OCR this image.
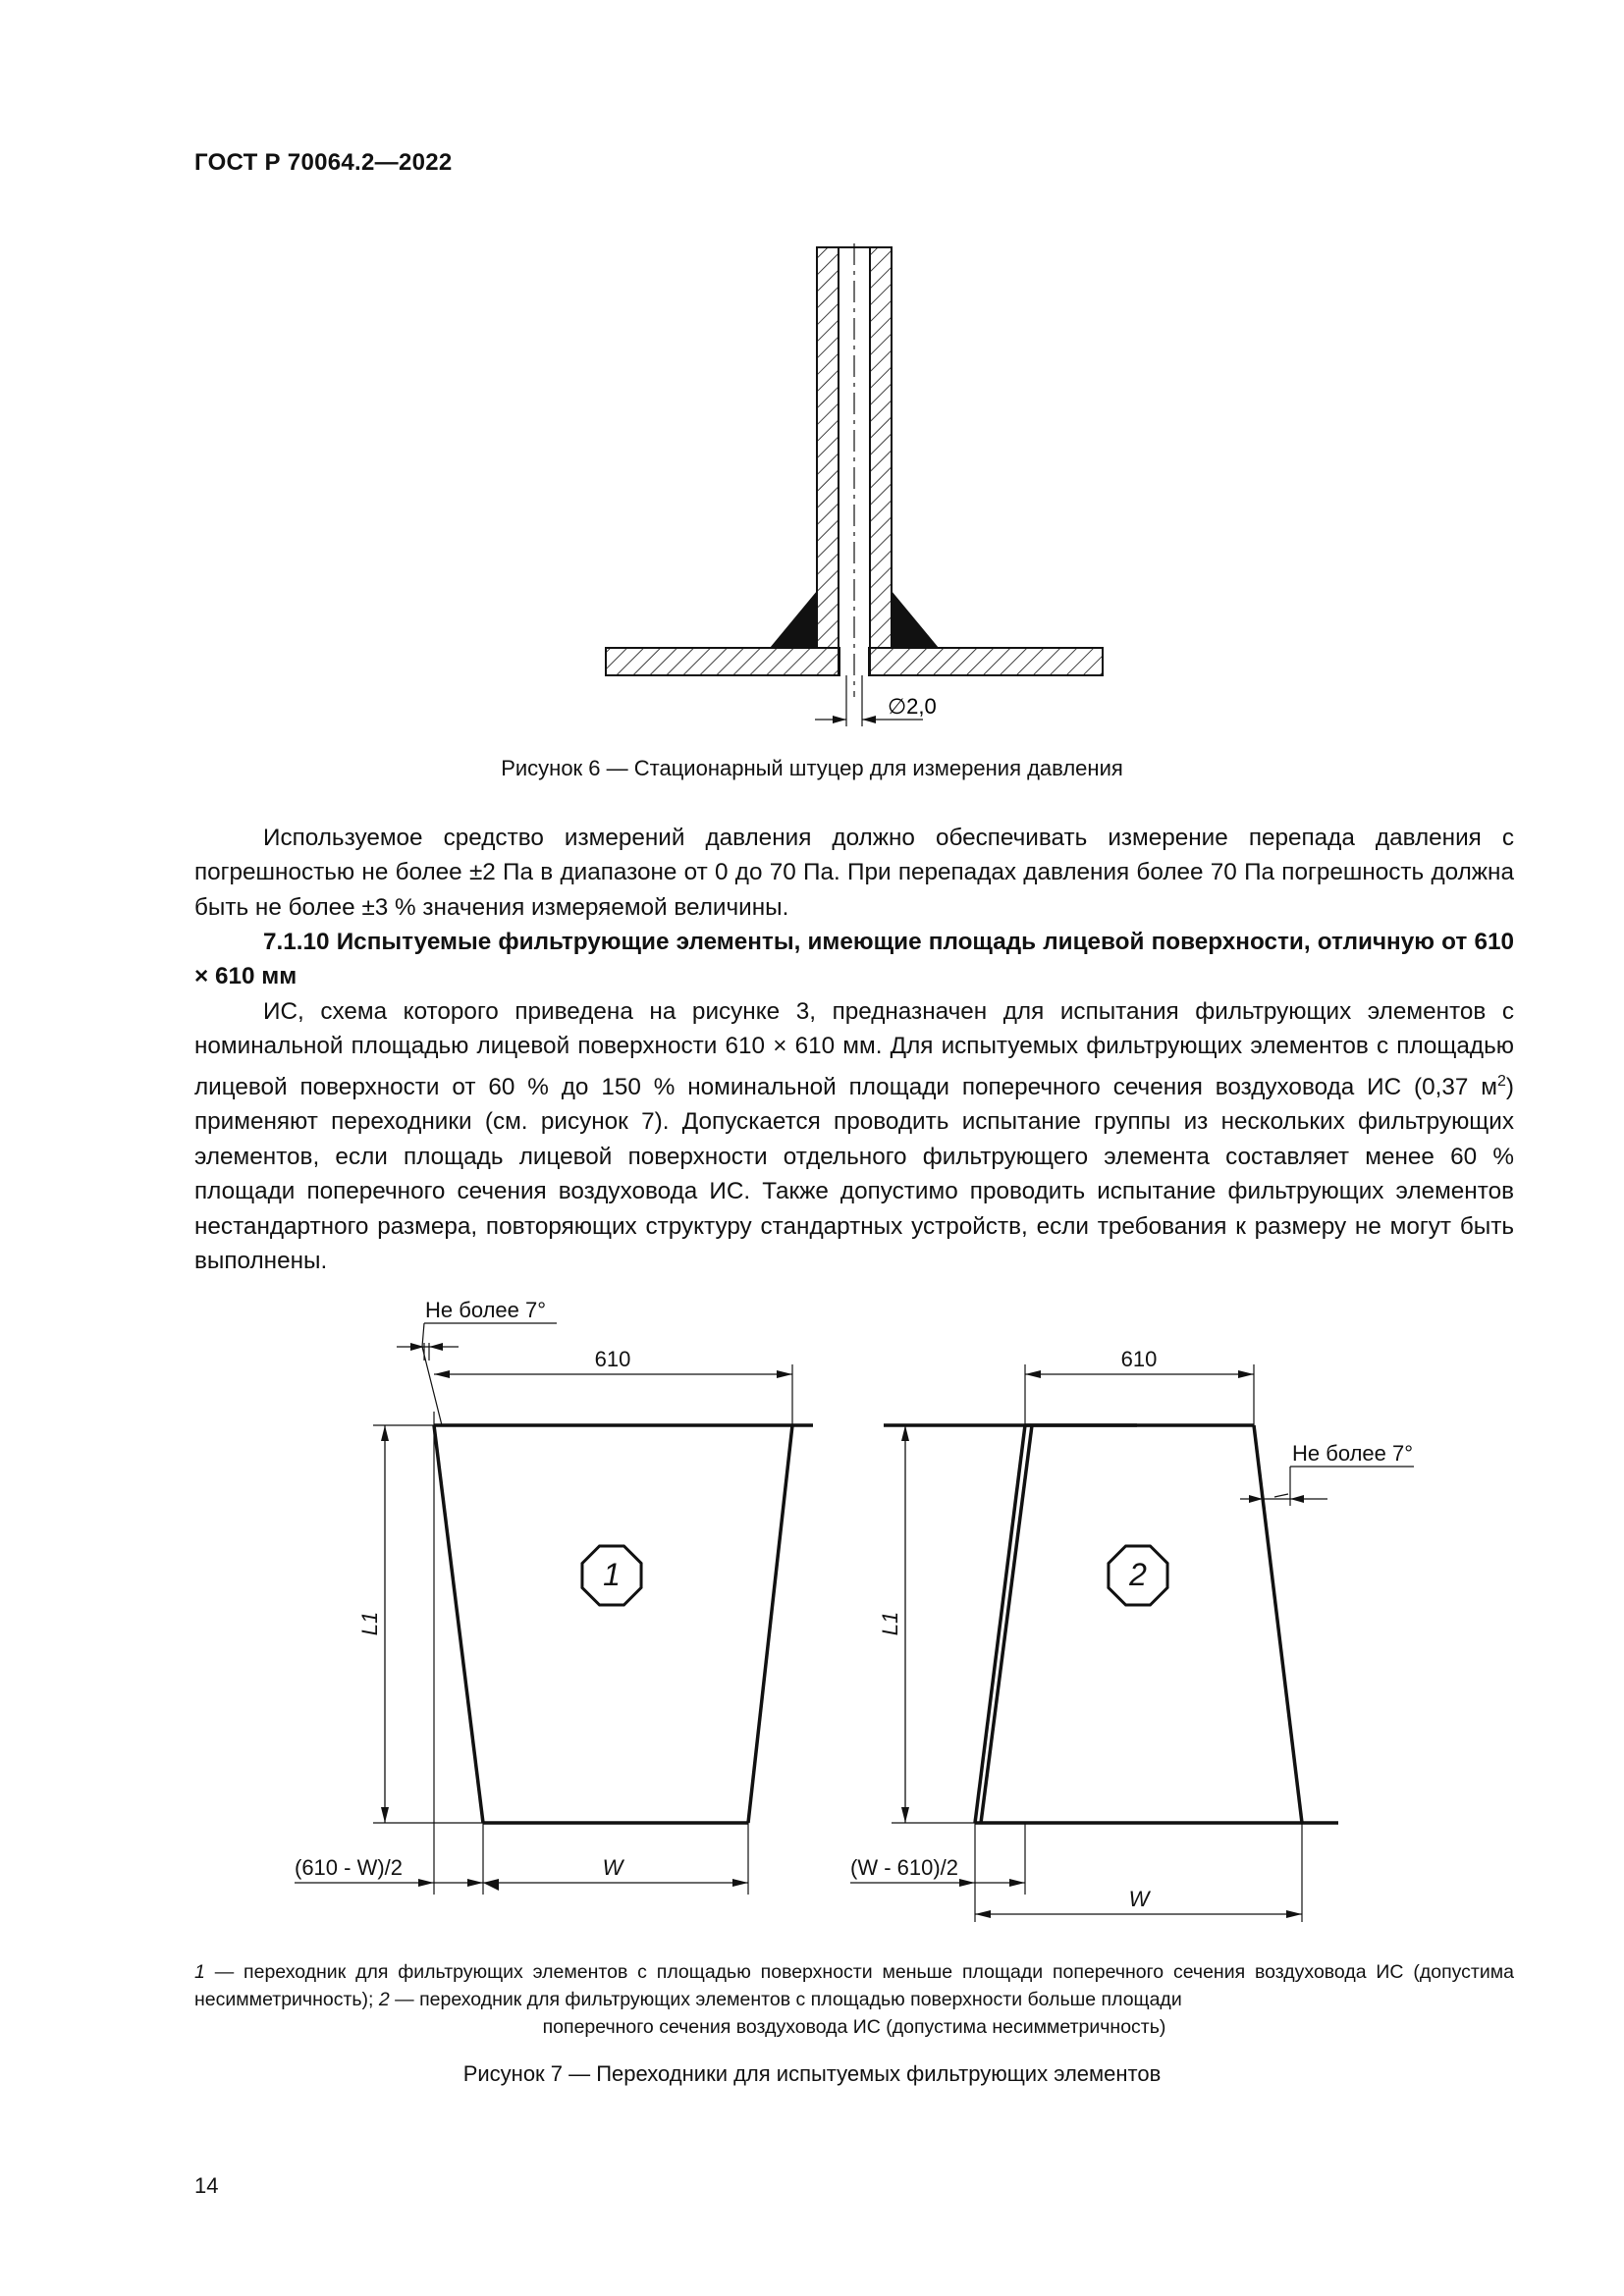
ГОСТ Р 70064.2—2022
∅2,0
Рисунок 6 — Стационарный штуцер для измерения давления

Используемое средство измерений давления должно обеспечивать измерение перепада давления с погрешностью не более ±2 Па в диапазоне от 0 до 70 Па. При перепадах давления более 70 Па погрешность должна быть не более ±3 % значения измеряемой величины.

7.1.10 Испытуемые фильтрующие элементы, имеющие площадь лицевой поверхности, отличную от 610 × 610 мм

ИС, схема которого приведена на рисунке 3, предназначен для испытания фильтрующих элементов с номинальной площадью лицевой поверхности 610 × 610 мм. Для испытуемых фильтрующих элементов с площадью лицевой поверхности от 60 % до 150 % номинальной площади поперечного сечения воздуховода ИС (0,37 $м^2$) применяют переходники (см. рисунок 7). Допускается проводить испытание группы из нескольких фильтрующих элементов, если площадь лицевой поверхности отдельного фильтрующего элемента составляет менее 60 % площади поперечного сечения воздуховода ИС. Также допустимо проводить испытание фильтрующих элементов нестандартного размера, повторяющих структуру стандартных устройств, если требования к размеру не могут быть выполнены.

Не более 7°
610
L1
W
(610 - W)/2
1
Не более 7°
610
L1
W
(W - 610)/2
2

1 — переходник для фильтрующих элементов с площадью поверхности меньше площади поперечного сечения воздуховода ИС (допустима несимметричность); 2 — переходник для фильтрующих элементов с площадью поверхности больше площади
поперечного сечения воздуховода ИС (допустима несимметричность)

Рисунок 7 — Переходники для испытуемых фильтрующих элементов
14
